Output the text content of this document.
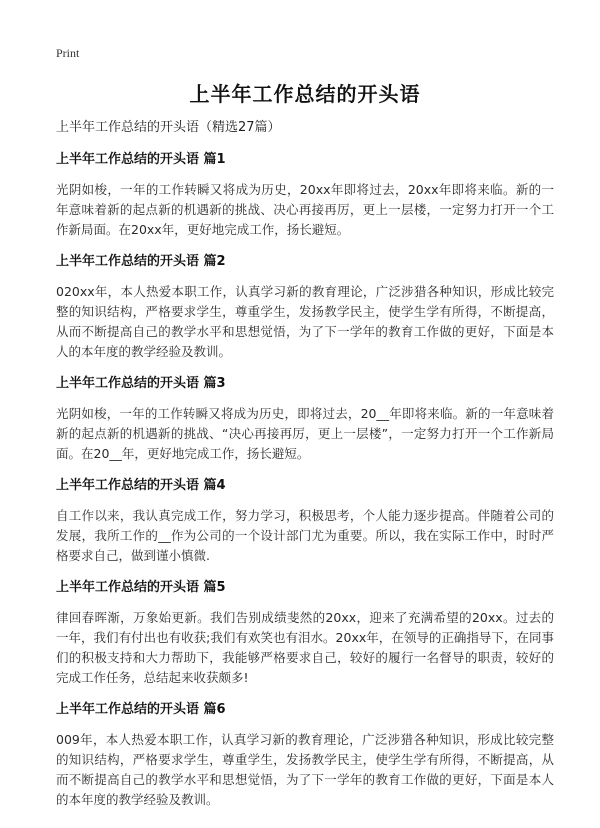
Print
上半年工作总结的开头语
上半年工作总结的开头语（精选27篇）
上半年工作总结的开头语 篇1
光阴如梭，一年的工作转瞬又将成为历史，20xx年即将过去，20xx年即将来临。新的一年意味着新的起点新的机遇新的挑战、决心再接再厉，更上一层楼，一定努力打开一个工作新局面。在20xx年，更好地完成工作，扬长避短。
上半年工作总结的开头语 篇2
020xx年，本人热爱本职工作，认真学习新的教育理论，广泛涉猎各种知识，形成比较完整的知识结构，严格要求学生，尊重学生，发扬教学民主，使学生学有所得，不断提高，从而不断提高自己的教学水平和思想觉悟，为了下一学年的教育工作做的更好，下面是本人的本年度的教学经验及教训。
上半年工作总结的开头语 篇3
光阴如梭，一年的工作转瞬又将成为历史，即将过去，20__年即将来临。新的一年意味着新的起点新的机遇新的挑战、“决心再接再厉，更上一层楼”，一定努力打开一个工作新局面。在20__年，更好地完成工作，扬长避短。
上半年工作总结的开头语 篇4
自工作以来，我认真完成工作，努力学习，积极思考，个人能力逐步提高。伴随着公司的发展，我所工作的__作为公司的一个设计部门尤为重要。所以，我在实际工作中，时时严格要求自己，做到谨小慎微.
上半年工作总结的开头语 篇5
律回春晖渐，万象始更新。我们告别成绩斐然的20xx，迎来了充满希望的20xx。过去的一年，我们有付出也有收获;我们有欢笑也有泪水。20xx年，在领导的正确指导下，在同事们的积极支持和大力帮助下，我能够严格要求自己，较好的履行一名督导的职责，较好的完成工作任务，总结起来收获颇多!
上半年工作总结的开头语 篇6
009年，本人热爱本职工作，认真学习新的教育理论，广泛涉猎各种知识，形成比较完整的知识结构，严格要求学生，尊重学生，发扬教学民主，使学生学有所得，不断提高，从而不断提高自己的教学水平和思想觉悟，为了下一学年的教育工作做的更好，下面是本人的本年度的教学经验及教训。
